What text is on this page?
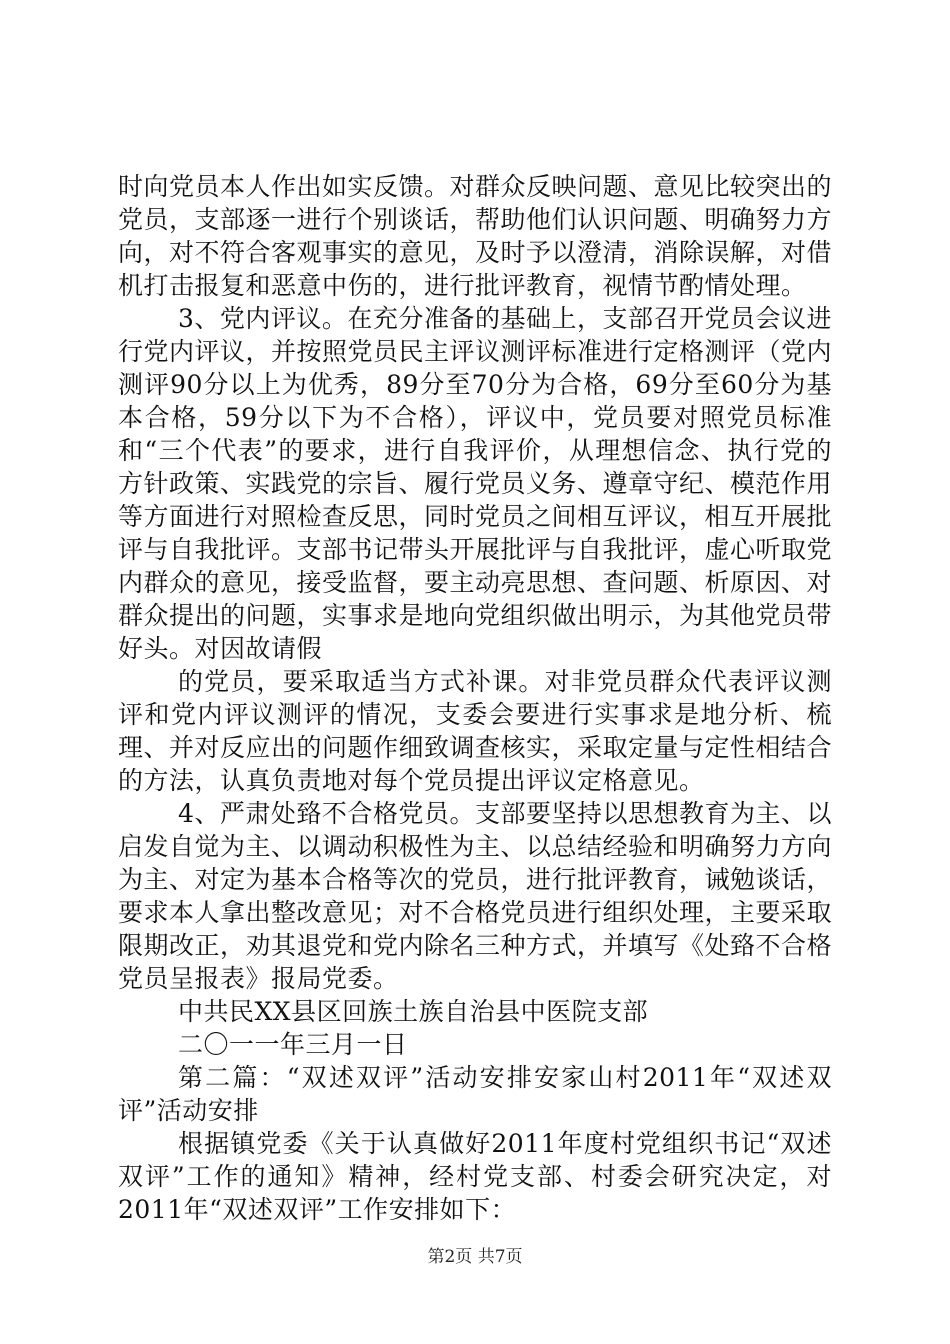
时向党员本人作出如实反馈。对群众反映问题、意见比较突出的党员，支部逐一进行个别谈话，帮助他们认识问题、明确努力方向，对不符合客观事实的意见，及时予以澄清，消除误解，对借机打击报复和恶意中伤的，进行批评教育，视情节酌情处理。

3、党内评议。在充分准备的基础上，支部召开党员会议进行党内评议，并按照党员民主评议测评标准进行定格测评（党内测评90分以上为优秀，89分至70分为合格，69分至60分为基本合格，59分以下为不合格），评议中，党员要对照党员标准和“三个代表”的要求，进行自我评价，从理想信念、执行党的方针政策、实践党的宗旨、履行党员义务、遵章守纪、模范作用等方面进行对照检查反思，同时党员之间相互评议，相互开展批评与自我批评。支部书记带头开展批评与自我批评，虚心听取党内群众的意见，接受监督，要主动亮思想、查问题、析原因、对群众提出的问题，实事求是地向党组织做出明示，为其他党员带好头。对因故请假

的党员，要采取适当方式补课。对非党员群众代表评议测评和党内评议测评的情况，支委会要进行实事求是地分析、梳理、并对反应出的问题作细致调查核实，采取定量与定性相结合的方法，认真负责地对每个党员提出评议定格意见。

4、严肃处臵不合格党员。支部要坚持以思想教育为主、以启发自觉为主、以调动积极性为主、以总结经验和明确努力方向为主、对定为基本合格等次的党员，进行批评教育，诫勉谈话，要求本人拿出整改意见；对不合格党员进行组织处理，主要采取限期改正，劝其退党和党内除名三种方式，并填写《处臵不合格党员呈报表》报局党委。

中共民XX县区回族土族自治县中医院支部

二〇一一年三月一日

第二篇：“双述双评”活动安排安家山村2011年“双述双评”活动安排

根据镇党委《关于认真做好2011年度村党组织书记“双述双评”工作的通知》精神，经村党支部、村委会研究决定，对2011年“双述双评”工作安排如下：

第2页 共7页
